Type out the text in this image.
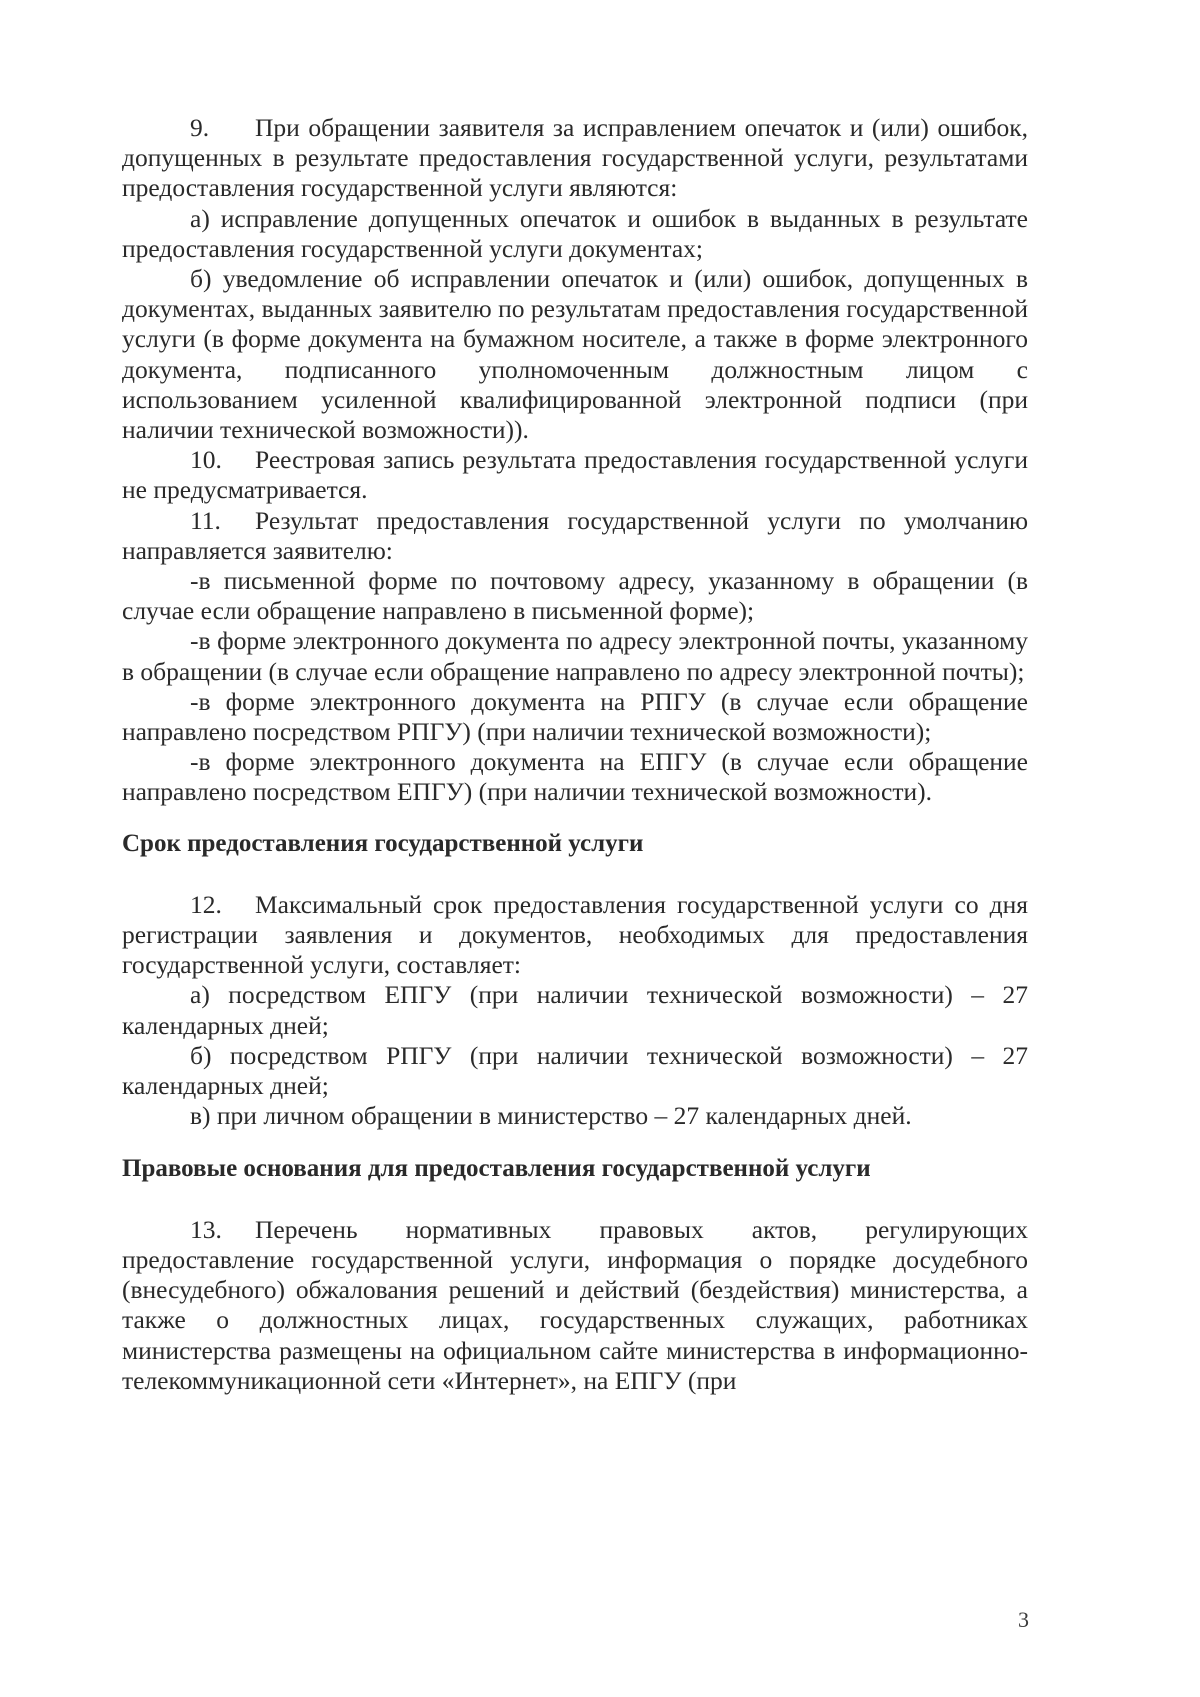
9. При обращении заявителя за исправлением опечаток и (или) ошибок, допущенных в результате предоставления государственной услуги, результатами предоставления государственной услуги являются:

а) исправление допущенных опечаток и ошибок в выданных в результате предоставления государственной услуги документах;

б) уведомление об исправлении опечаток и (или) ошибок, допущенных в документах, выданных заявителю по результатам предоставления государственной услуги (в форме документа на бумажном носителе, а также в форме электронного документа, подписанного уполномоченным должностным лицом с использованием усиленной квалифицированной электронной подписи (при наличии технической возможности)).

10. Реестровая запись результата предоставления государственной услуги не предусматривается.

11. Результат предоставления государственной услуги по умолчанию направляется заявителю:

-в письменной форме по почтовому адресу, указанному в обращении (в случае если обращение направлено в письменной форме);

-в форме электронного документа по адресу электронной почты, указанному в обращении (в случае если обращение направлено по адресу электронной почты);

-в форме электронного документа на РПГУ (в случае если обращение направлено посредством РПГУ) (при наличии технической возможности);

-в форме электронного документа на ЕПГУ (в случае если обращение направлено посредством ЕПГУ) (при наличии технической возможности).

Срок предоставления государственной услуги

12. Максимальный срок предоставления государственной услуги со дня регистрации заявления и документов, необходимых для предоставления государственной услуги, составляет:

а) посредством ЕПГУ (при наличии технической возможности) – 27 календарных дней;

б) посредством РПГУ (при наличии технической возможности) – 27 календарных дней;

в) при личном обращении в министерство – 27 календарных дней.

Правовые основания для предоставления государственной услуги

13. Перечень нормативных правовых актов, регулирующих предоставление государственной услуги, информация о порядке досудебного (внесудебного) обжалования решений и действий (бездействия) министерства, а также о должностных лицах, государственных служащих, работниках министерства размещены на официальном сайте министерства в информационно-телекоммуникационной сети «Интернет», на ЕПГУ (при

3
